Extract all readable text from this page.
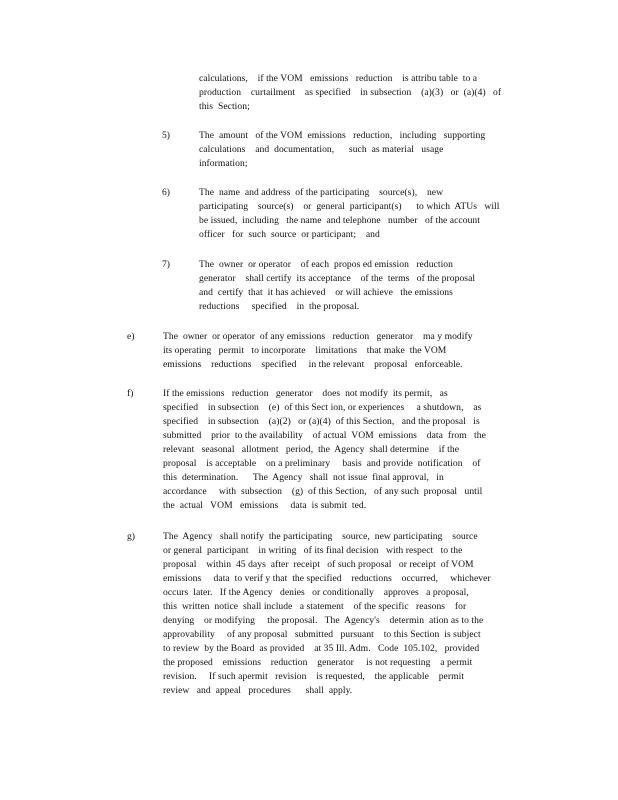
calculations,    if the VOM   emissions   reduction    is attribu table  to a
production    curtailment    as specified    in subsection    (a)(3)   or  (a)(4)   of
this  Section;
5)	The  amount   of the VOM  emissions   reduction,   including   supporting
calculations    and  documentation,      such  as material   usage
information;
6)	The  name  and address  of the participating    source(s),    new
participating    source(s)    or  general  participant(s)      to which  ATUs   will
be issued,  including   the name  and telephone   number   of the account
officer   for  such  source  or participant;    and
7)	The  owner  or operator    of each  propos ed emission   reduction
generator    shall certify  its acceptance    of the  terms   of the proposal
and  certify  that  it has achieved    or will achieve   the emissions
reductions     specified    in  the proposal.
e)	The  owner  or operator  of any emissions   reduction   generator    ma y modify
its operating   permit   to incorporate    limitations    that make  the VOM
emissions    reductions    specified     in the relevant    proposal   enforceable.
f)	If the emissions   reduction   generator    does  not modify  its permit,   as
specified    in subsection    (e)  of this Sect ion, or experiences     a shutdown,    as
specified    in subsection    (a)(2)   or (a)(4)  of this Section,   and the proposal   is
submitted    prior  to the availability    of actual  VOM  emissions    data  from   the
relevant   seasonal   allotment   period,  the  Agency  shall determine    if the
proposal    is acceptable    on a preliminary     basis  and provide  notification    of
this  determination.      The  Agency   shall  not issue  final approval,   in
accordance     with  subsection    (g)  of this Section,   of any such  proposal   until
the  actual   VOM   emissions     data  is submit  ted.
g)	The  Agency   shall notify  the participating    source,  new participating    source
or general  participant    in writing   of its final decision   with respect   to the
proposal    within  45 days  after  receipt   of such proposal   or receipt  of VOM
emissions     data  to verif y that  the specified    reductions    occurred,     whichever
occurs  later.   If the Agency   denies   or conditionally    approves   a proposal,
this  written  notice  shall include   a statement    of the specific   reasons    for
denying    or modifying     the proposal.   The  Agency's    determin  ation as to the
approvability     of any proposal   submitted   pursuant    to this Section  is subject
to review  by the Board  as provided    at 35 Ill. Adm.   Code  105.102,   provided
the proposed    emissions    reduction    generator     is not requesting    a permit
revision.     If such apermit   revision    is requested,    the applicable    permit
review   and  appeal   procedures      shall  apply.
